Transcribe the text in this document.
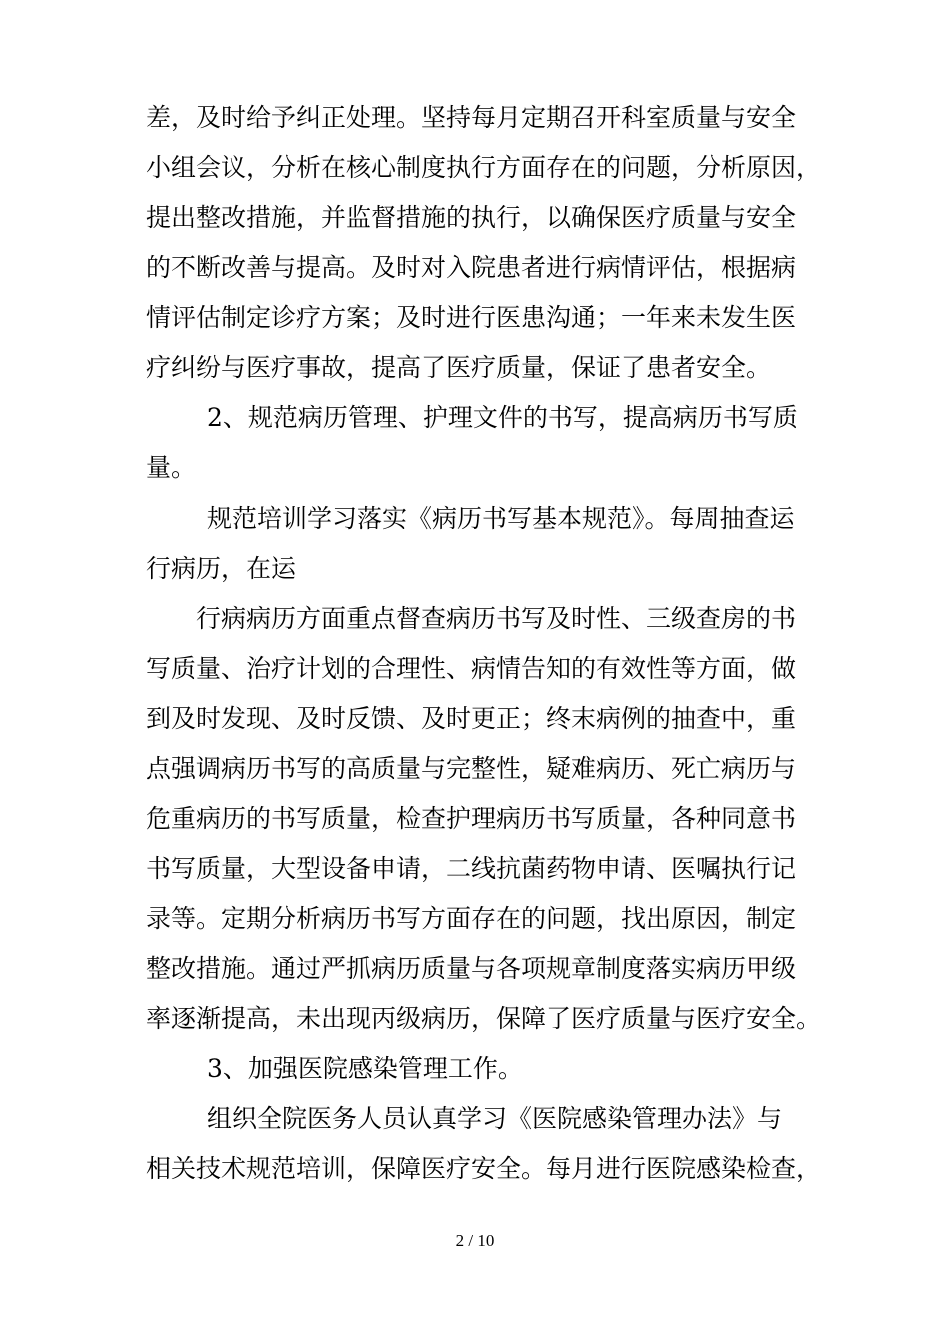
差，及时给予纠正处理。坚持每月定期召开科室质量与安全
小组会议，分析在核心制度执行方面存在的问题，分析原因，
提出整改措施，并监督措施的执行，以确保医疗质量与安全
的不断改善与提高。及时对入院患者进行病情评估，根据病
情评估制定诊疗方案；及时进行医患沟通；一年来未发生医
疗纠纷与医疗事故，提高了医疗质量，保证了患者安全。
2、规范病历管理、护理文件的书写，提高病历书写质
量。
规范培训学习落实《病历书写基本规范》。每周抽查运
行病历，在运
行病病历方面重点督查病历书写及时性、三级查房的书
写质量、治疗计划的合理性、病情告知的有效性等方面，做
到及时发现、及时反馈、及时更正；终末病例的抽查中，重
点强调病历书写的高质量与完整性，疑难病历、死亡病历与
危重病历的书写质量，检查护理病历书写质量，各种同意书
书写质量，大型设备申请，二线抗菌药物申请、医嘱执行记
录等。定期分析病历书写方面存在的问题，找出原因，制定
整改措施。通过严抓病历质量与各项规章制度落实病历甲级
率逐渐提高，未出现丙级病历，保障了医疗质量与医疗安全。
3、加强医院感染管理工作。
组织全院医务人员认真学习《医院感染管理办法》与
相关技术规范培训，保障医疗安全。每月进行医院感染检查，
2 / 10
